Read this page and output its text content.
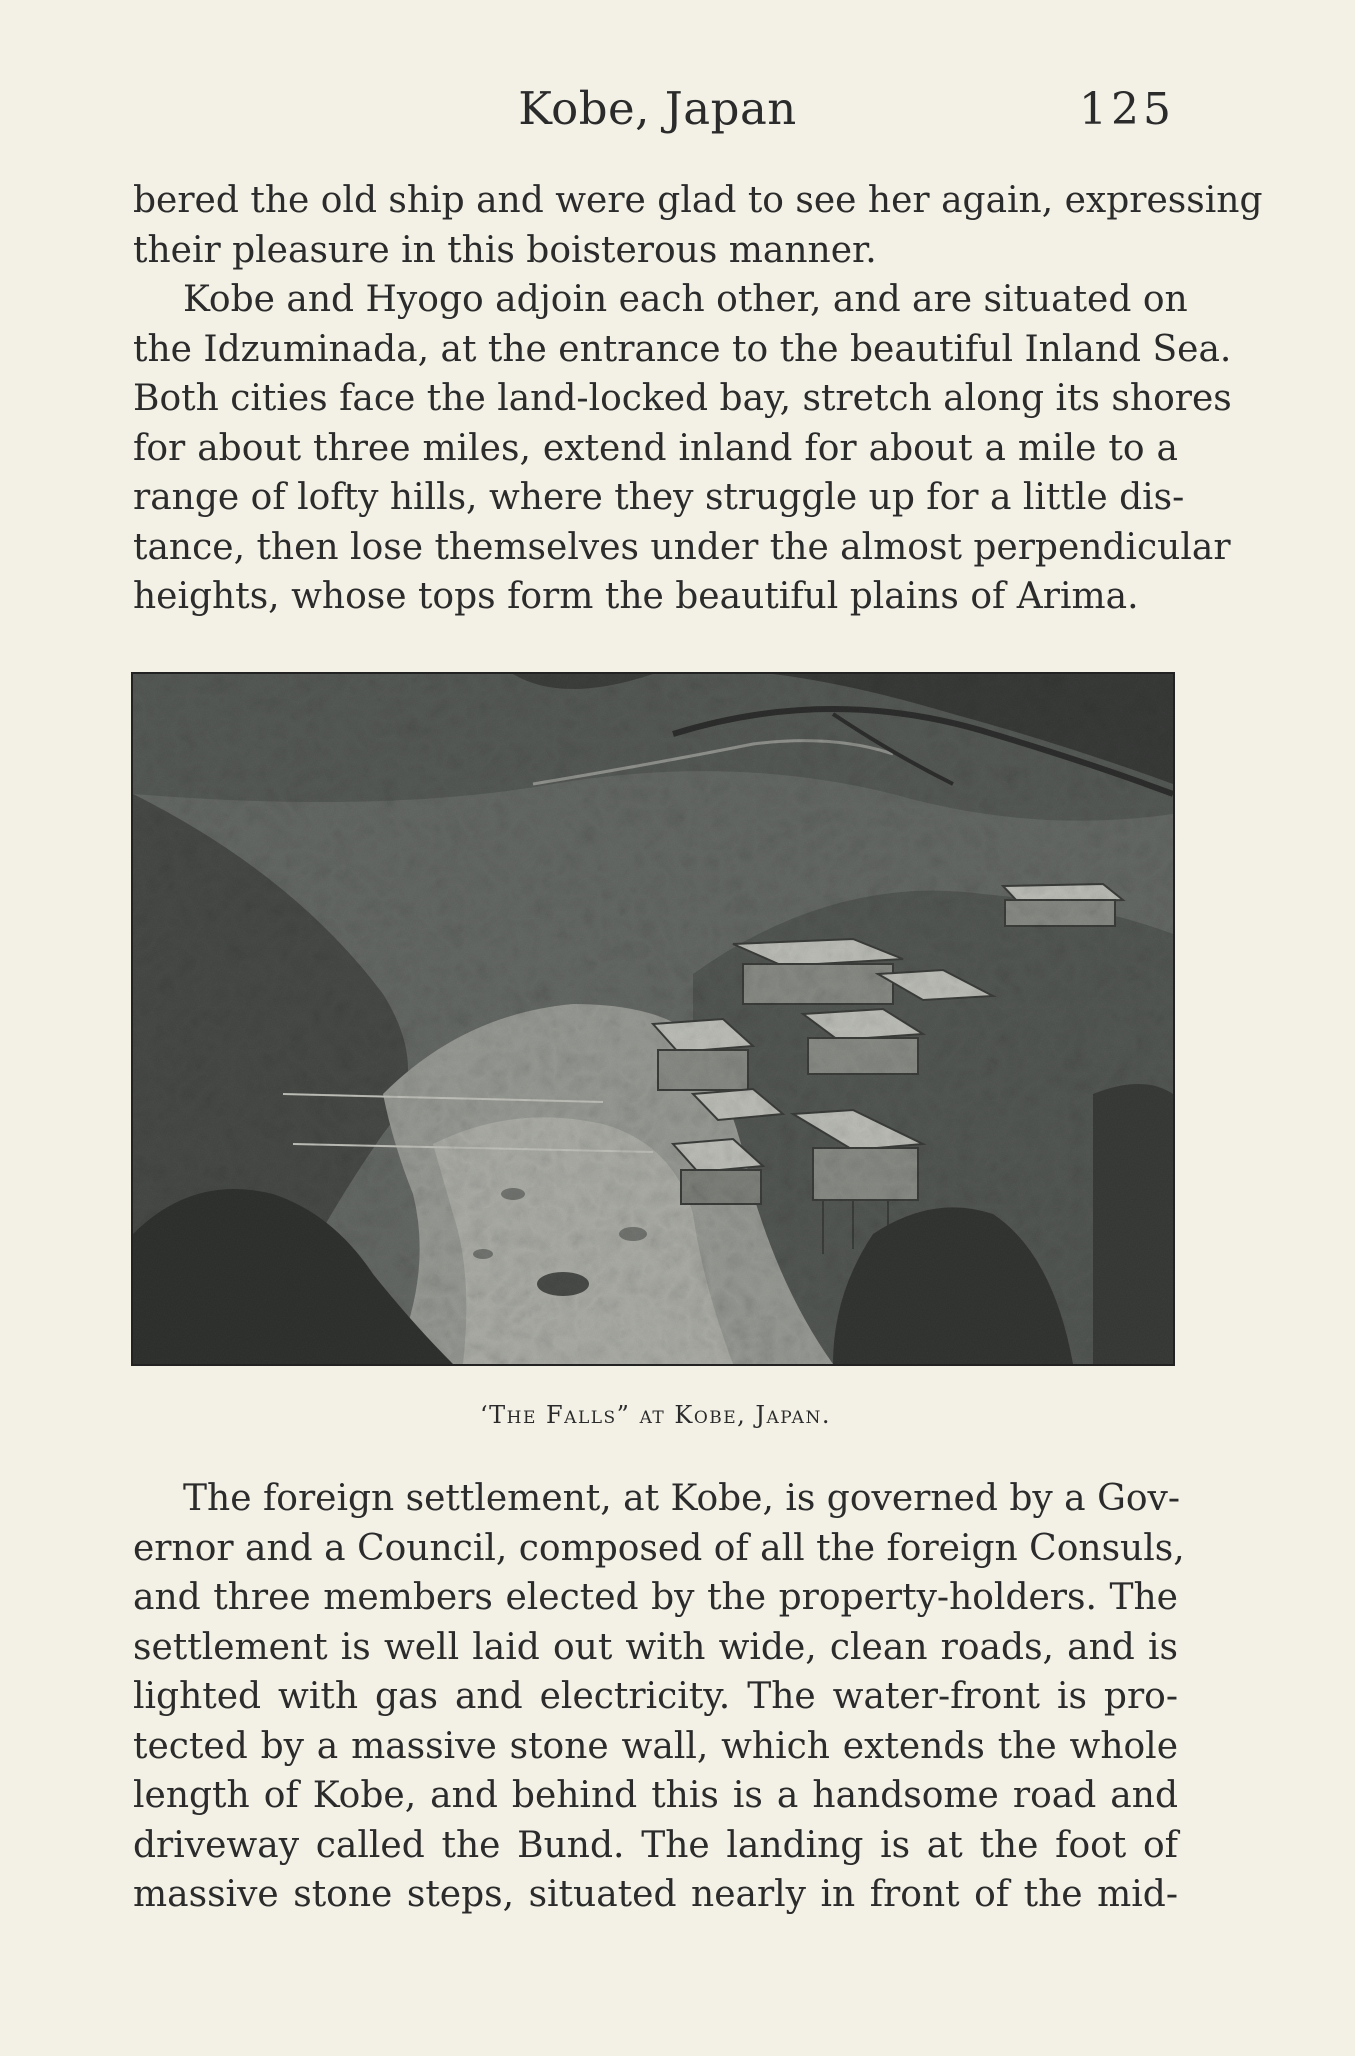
Kobe, Japan	125
bered the old ship and were glad to see her again, expressing
their pleasure in this boisterous manner.
Kobe and Hyogo adjoin each other, and are situated on
the Idzuminada, at the entrance to the beautiful Inland Sea.
Both cities face the land-locked bay, stretch along its shores
for about three miles, extend inland for about a mile to a
range of lofty hills, where they struggle up for a little dis-
tance, then lose themselves under the almost perpendicular
heights, whose tops form the beautiful plains of Arima.
‘The Falls” at Kobe, Japan.
The foreign settlement, at Kobe, is governed by a Gov-
ernor and a Council, composed of all the foreign Consuls,
and three members elected by the property-holders. The
settlement is well laid out with wide, clean roads, and is
lighted with gas and electricity. The water-front is pro-
tected by a massive stone wall, which extends the whole
length of Kobe, and behind this is a handsome road and
driveway called the Bund. The landing is at the foot of
massive stone steps, situated nearly in front of the mid-
